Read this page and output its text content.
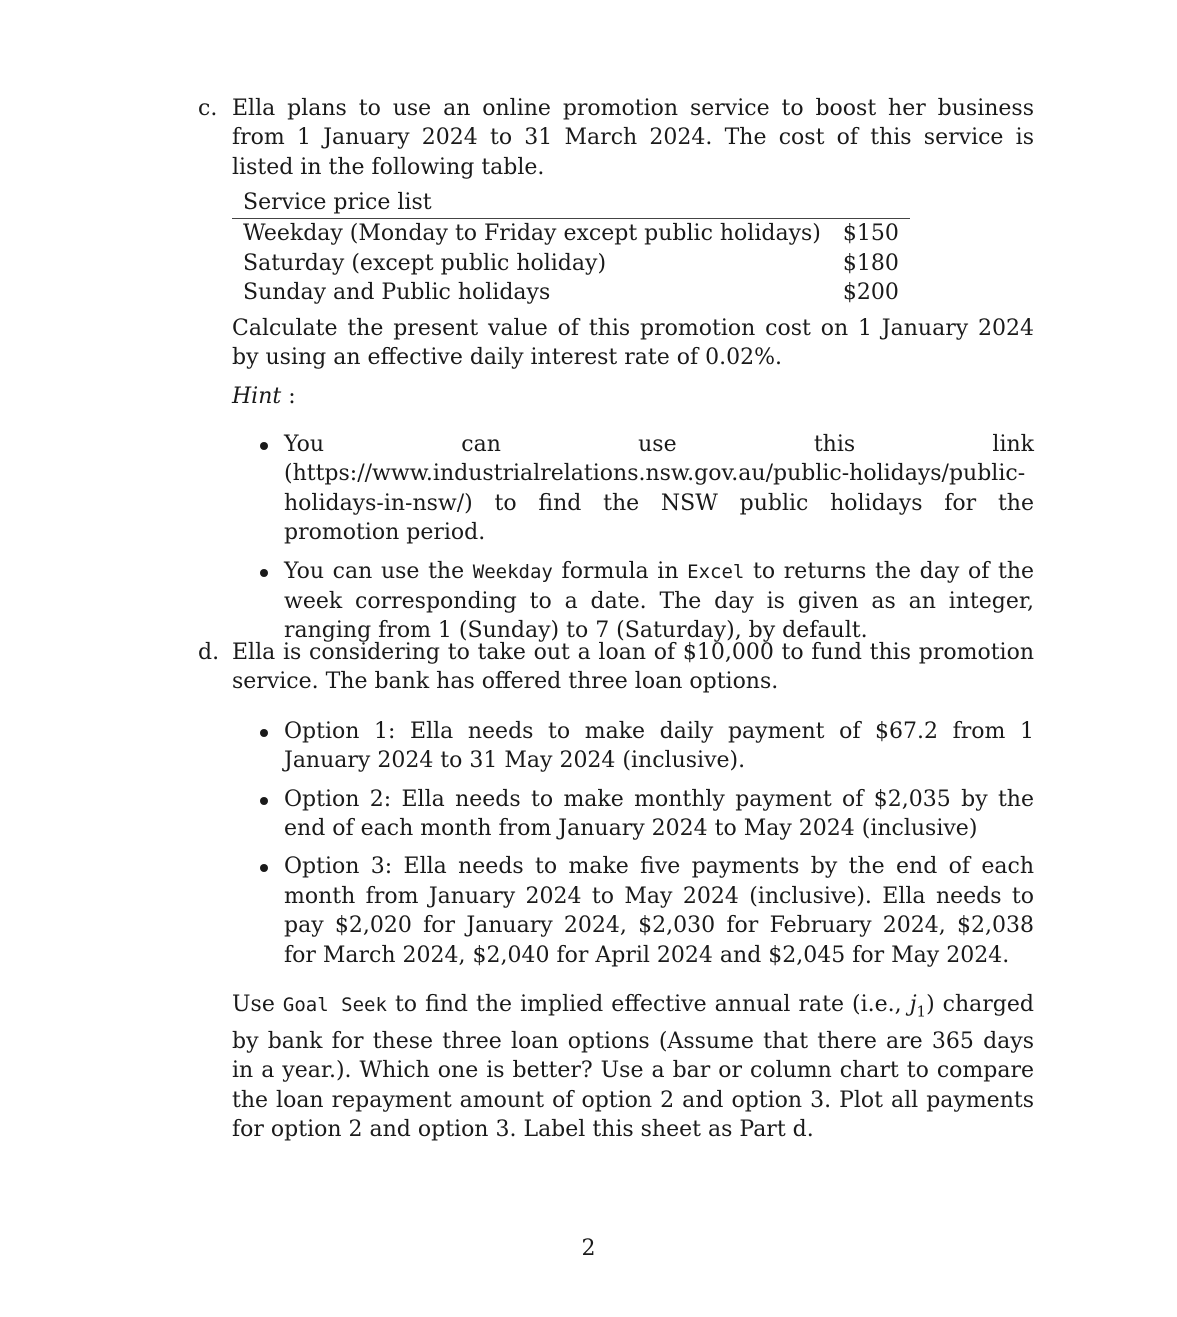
c. Ella plans to use an online promotion service to boost her business from 1 January 2024 to 31 March 2024. The cost of this service is listed in the following table.

Service price list
Weekday (Monday to Friday except public holidays)	$150
Saturday (except public holiday)	$180
Sunday and Public holidays	$200

Calculate the present value of this promotion cost on 1 January 2024 by using an effective daily interest rate of 0.02%.

Hint :

You can use this link (https://www.industrialrelations.nsw.gov.au/public-holidays/public-holidays-in-nsw/) to find the NSW public holidays for the promotion period.
You can use the Weekday formula in Excel to returns the day of the week corresponding to a date. The day is given as an integer, ranging from 1 (Sunday) to 7 (Saturday), by default.
d. Ella is considering to take out a loan of $10,000 to fund this promotion service. The bank has offered three loan options.

Option 1: Ella needs to make daily payment of $67.2 from 1 January 2024 to 31 May 2024 (inclusive).
Option 2: Ella needs to make monthly payment of $2,035 by the end of each month from January 2024 to May 2024 (inclusive)
Option 3: Ella needs to make five payments by the end of each month from January 2024 to May 2024 (inclusive). Ella needs to pay $2,020 for January 2024, $2,030 for February 2024, $2,038 for March 2024, $2,040 for April 2024 and $2,045 for May 2024.

Use Goal Seek to find the implied effective annual rate (i.e., $j_1$) charged by bank for these three loan options (Assume that there are 365 days in a year.). Which one is better? Use a bar or column chart to compare the loan repayment amount of option 2 and option 3. Plot all payments for option 2 and option 3. Label this sheet as Part d.

2
